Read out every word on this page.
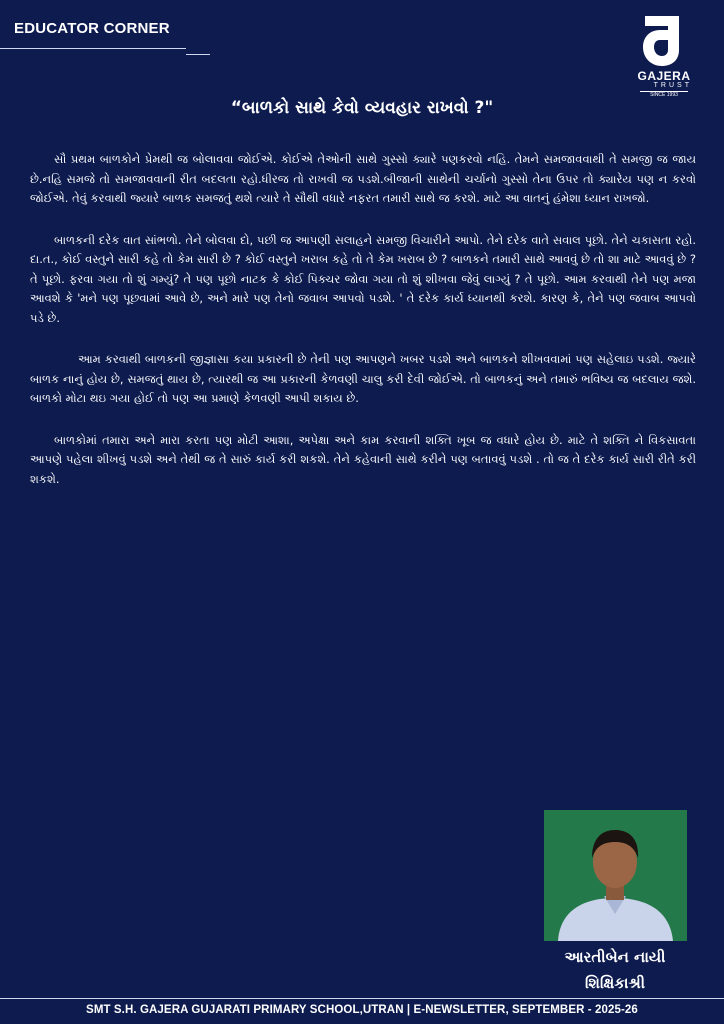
EDUCATOR CORNER
GAJERA
TRUST
SINCE 1993
“બાળકો સાથે કેવો વ્યવહાર રાખવો ?"

સૌ પ્રથમ બાળકોને પ્રેમથી જ બોલાવવા જોઈએ. કોઈએ તેઓની સાથે ગુસ્સો ક્યારે પણકરવો નહિ. તેમને સમજાવવાથી તે સમજી જ જાય છે.નહિ સમજે તો સમજાવવાની રીત બદલતા રહો.ધીરજ તો રાખવી જ પડશે.બીજાની સાથેની ચર્ચાનો ગુસ્સો તેના ઉપર તો ક્યારેય પણ ન કરવો જોઈએ. તેવું કરવાથી જ્યારે બાળક સમજતું થશે ત્યારે તે સૌથી વધારે નફરત તમારી સાથે જ કરશે. માટે આ વાતનું હંમેશા ધ્યાન રાખજો.

બાળકની દરેક વાત સાંભળો. તેને બોલવા દો, પછી જ આપણી સલાહને સમજી વિચારીને આપો. તેને દરેક વાતે સવાલ પૂછો. તેને ચકાસતા રહો. દા.ત., કોઈ વસ્તુને સારી કહે તો કેમ સારી છે ? કોઈ વસ્તુને ખરાબ કહે તો તે કેમ ખરાબ છે ? બાળકને તમારી સાથે આવવું છે તો શા માટે આવવું છે ? તે પૂછો. ફરવા ગયા તો શું ગમ્યું? તે પણ પૂછો નાટક કે કોઈ પિક્ચર જોવા ગયા તો શું શીખવા જેવું લાગ્યું ? તે પૂછો. આમ કરવાથી તેને પણ મજા આવશે કે 'મને પણ પૂછવામાં આવે છે, અને મારે પણ તેનો જવાબ આપવો પડશે. ' તે દરેક કાર્ય ધ્યાનથી કરશે. કારણ કે, તેને પણ જવાબ આપવો પડે છે.

આમ કરવાથી બાળકની જીજ્ઞાસા કયા પ્રકારની છે તેની પણ આપણને ખબર પડશે અને બાળકને શીખવવામાં પણ સહેલાઇ પડશે. જ્યારે બાળક નાનું હોય છે, સમજતું થાય છે, ત્યારથી જ આ પ્રકારની કેળવણી ચાલુ કરી દેવી જોઈએ. તો બાળકનું અને તમારું ભવિષ્ય જ બદલાય જશે. બાળકો મોટા થઇ ગયા હોઈ તો પણ આ પ્રમાણે કેળવણી આપી શકાય છે.

બાળકોમાં તમારા અને મારા કરતા પણ મોટી આશા, અપેક્ષા અને કામ કરવાની શક્તિ ખૂબ જ વધારે હોય છે. માટે તે શક્તિ ને વિકસાવતા આપણે પહેલા શીખવું પડશે અને તેથી જ તે સારું કાર્ય કરી શકશે. તેને કહેવાની સાથે કરીને પણ બતાવવું પડશે . તો જ તે દરેક કાર્ય સારી રીતે કરી શકશે.

આરતીબેન નાયી
શિક્ષિકાશ્રી
SMT S.H. GAJERA GUJARATI PRIMARY SCHOOL,UTRAN | E-NEWSLETTER, SEPTEMBER - 2025-26
